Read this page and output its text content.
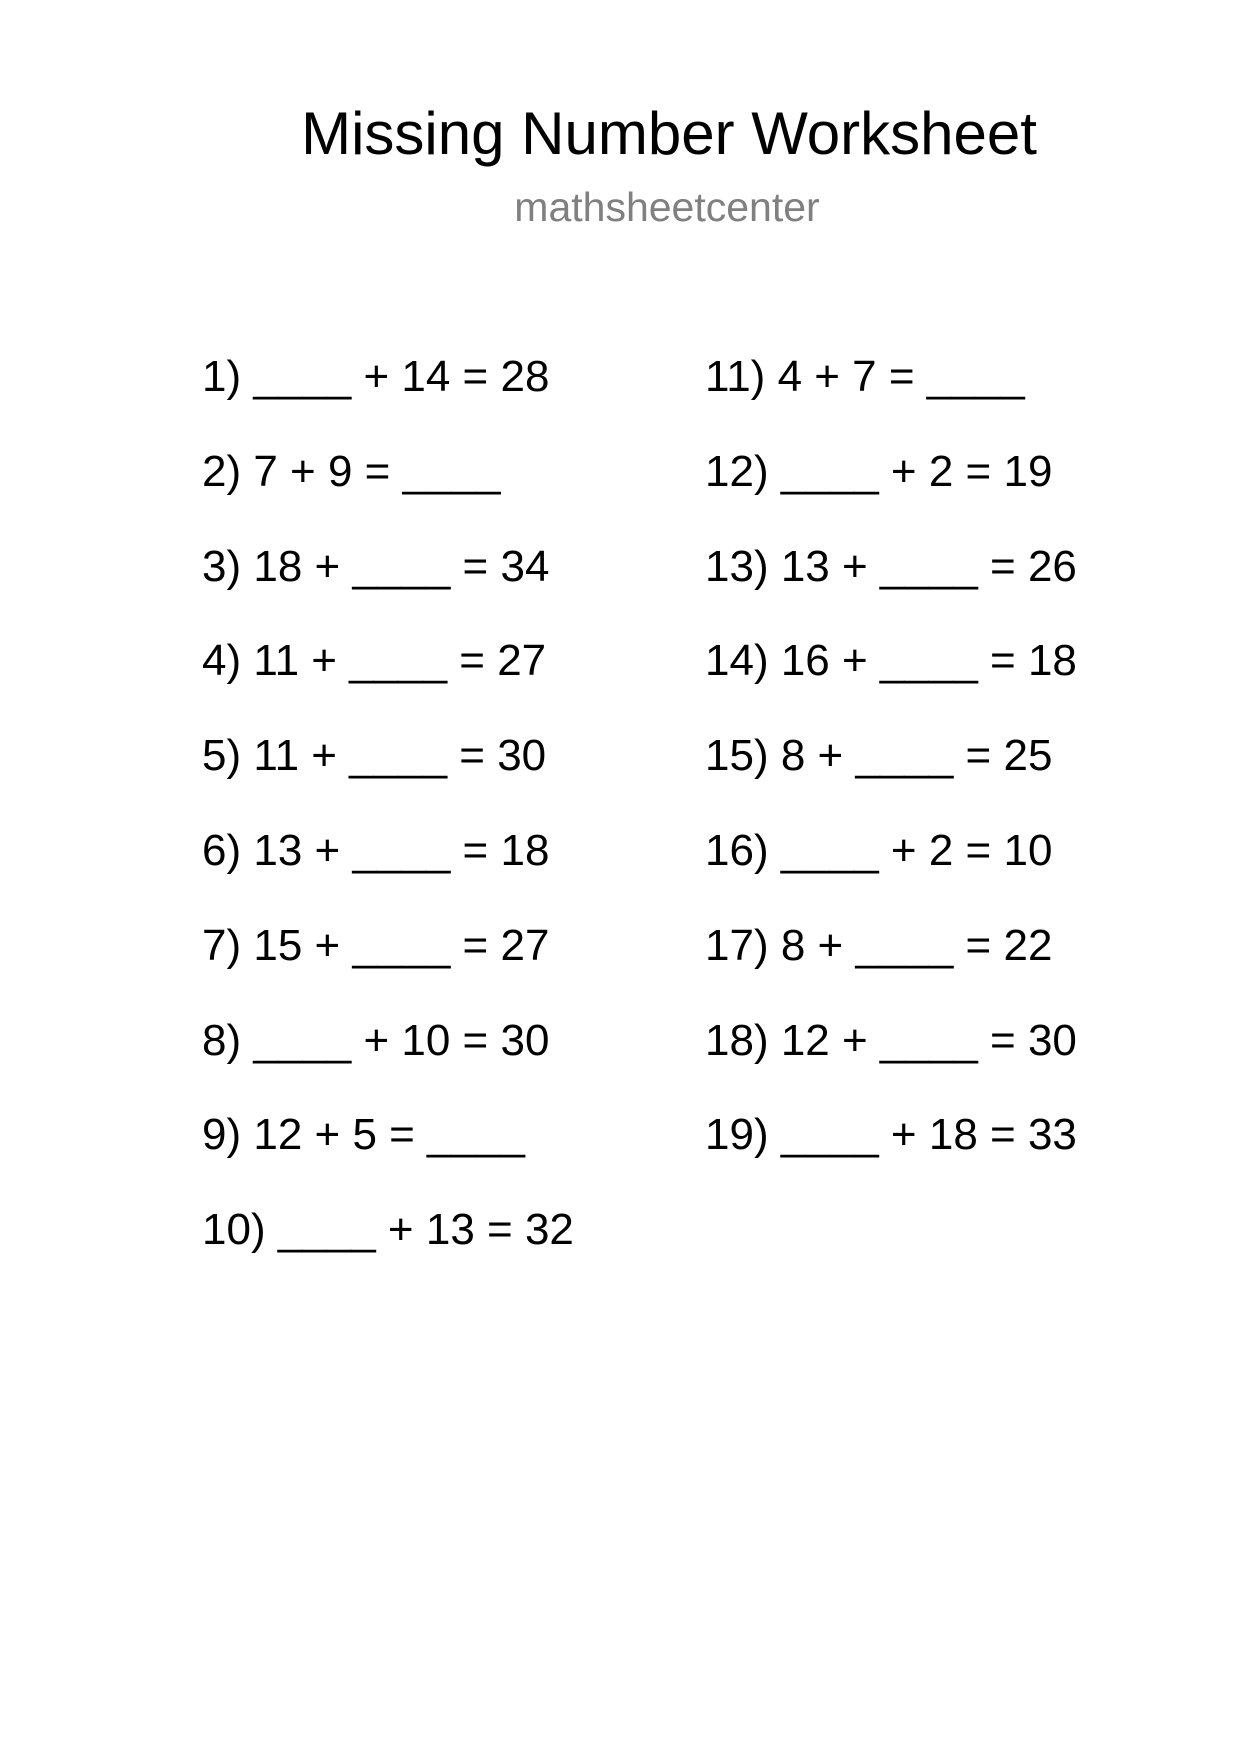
Missing Number Worksheet
mathsheetcenter
1) ____ + 14 = 28
2) 7 + 9 = ____
3) 18 + ____ = 34
4) 11 + ____ = 27
5) 11 + ____ = 30
6) 13 + ____ = 18
7) 15 + ____ = 27
8) ____ + 10 = 30
9) 12 + 5 = ____
10) ____ + 13 = 32
11) 4 + 7 = ____
12) ____ + 2 = 19
13) 13 + ____ = 26
14) 16 + ____ = 18
15) 8 + ____ = 25
16) ____ + 2 = 10
17) 8 + ____ = 22
18) 12 + ____ = 30
19) ____ + 18 = 33
